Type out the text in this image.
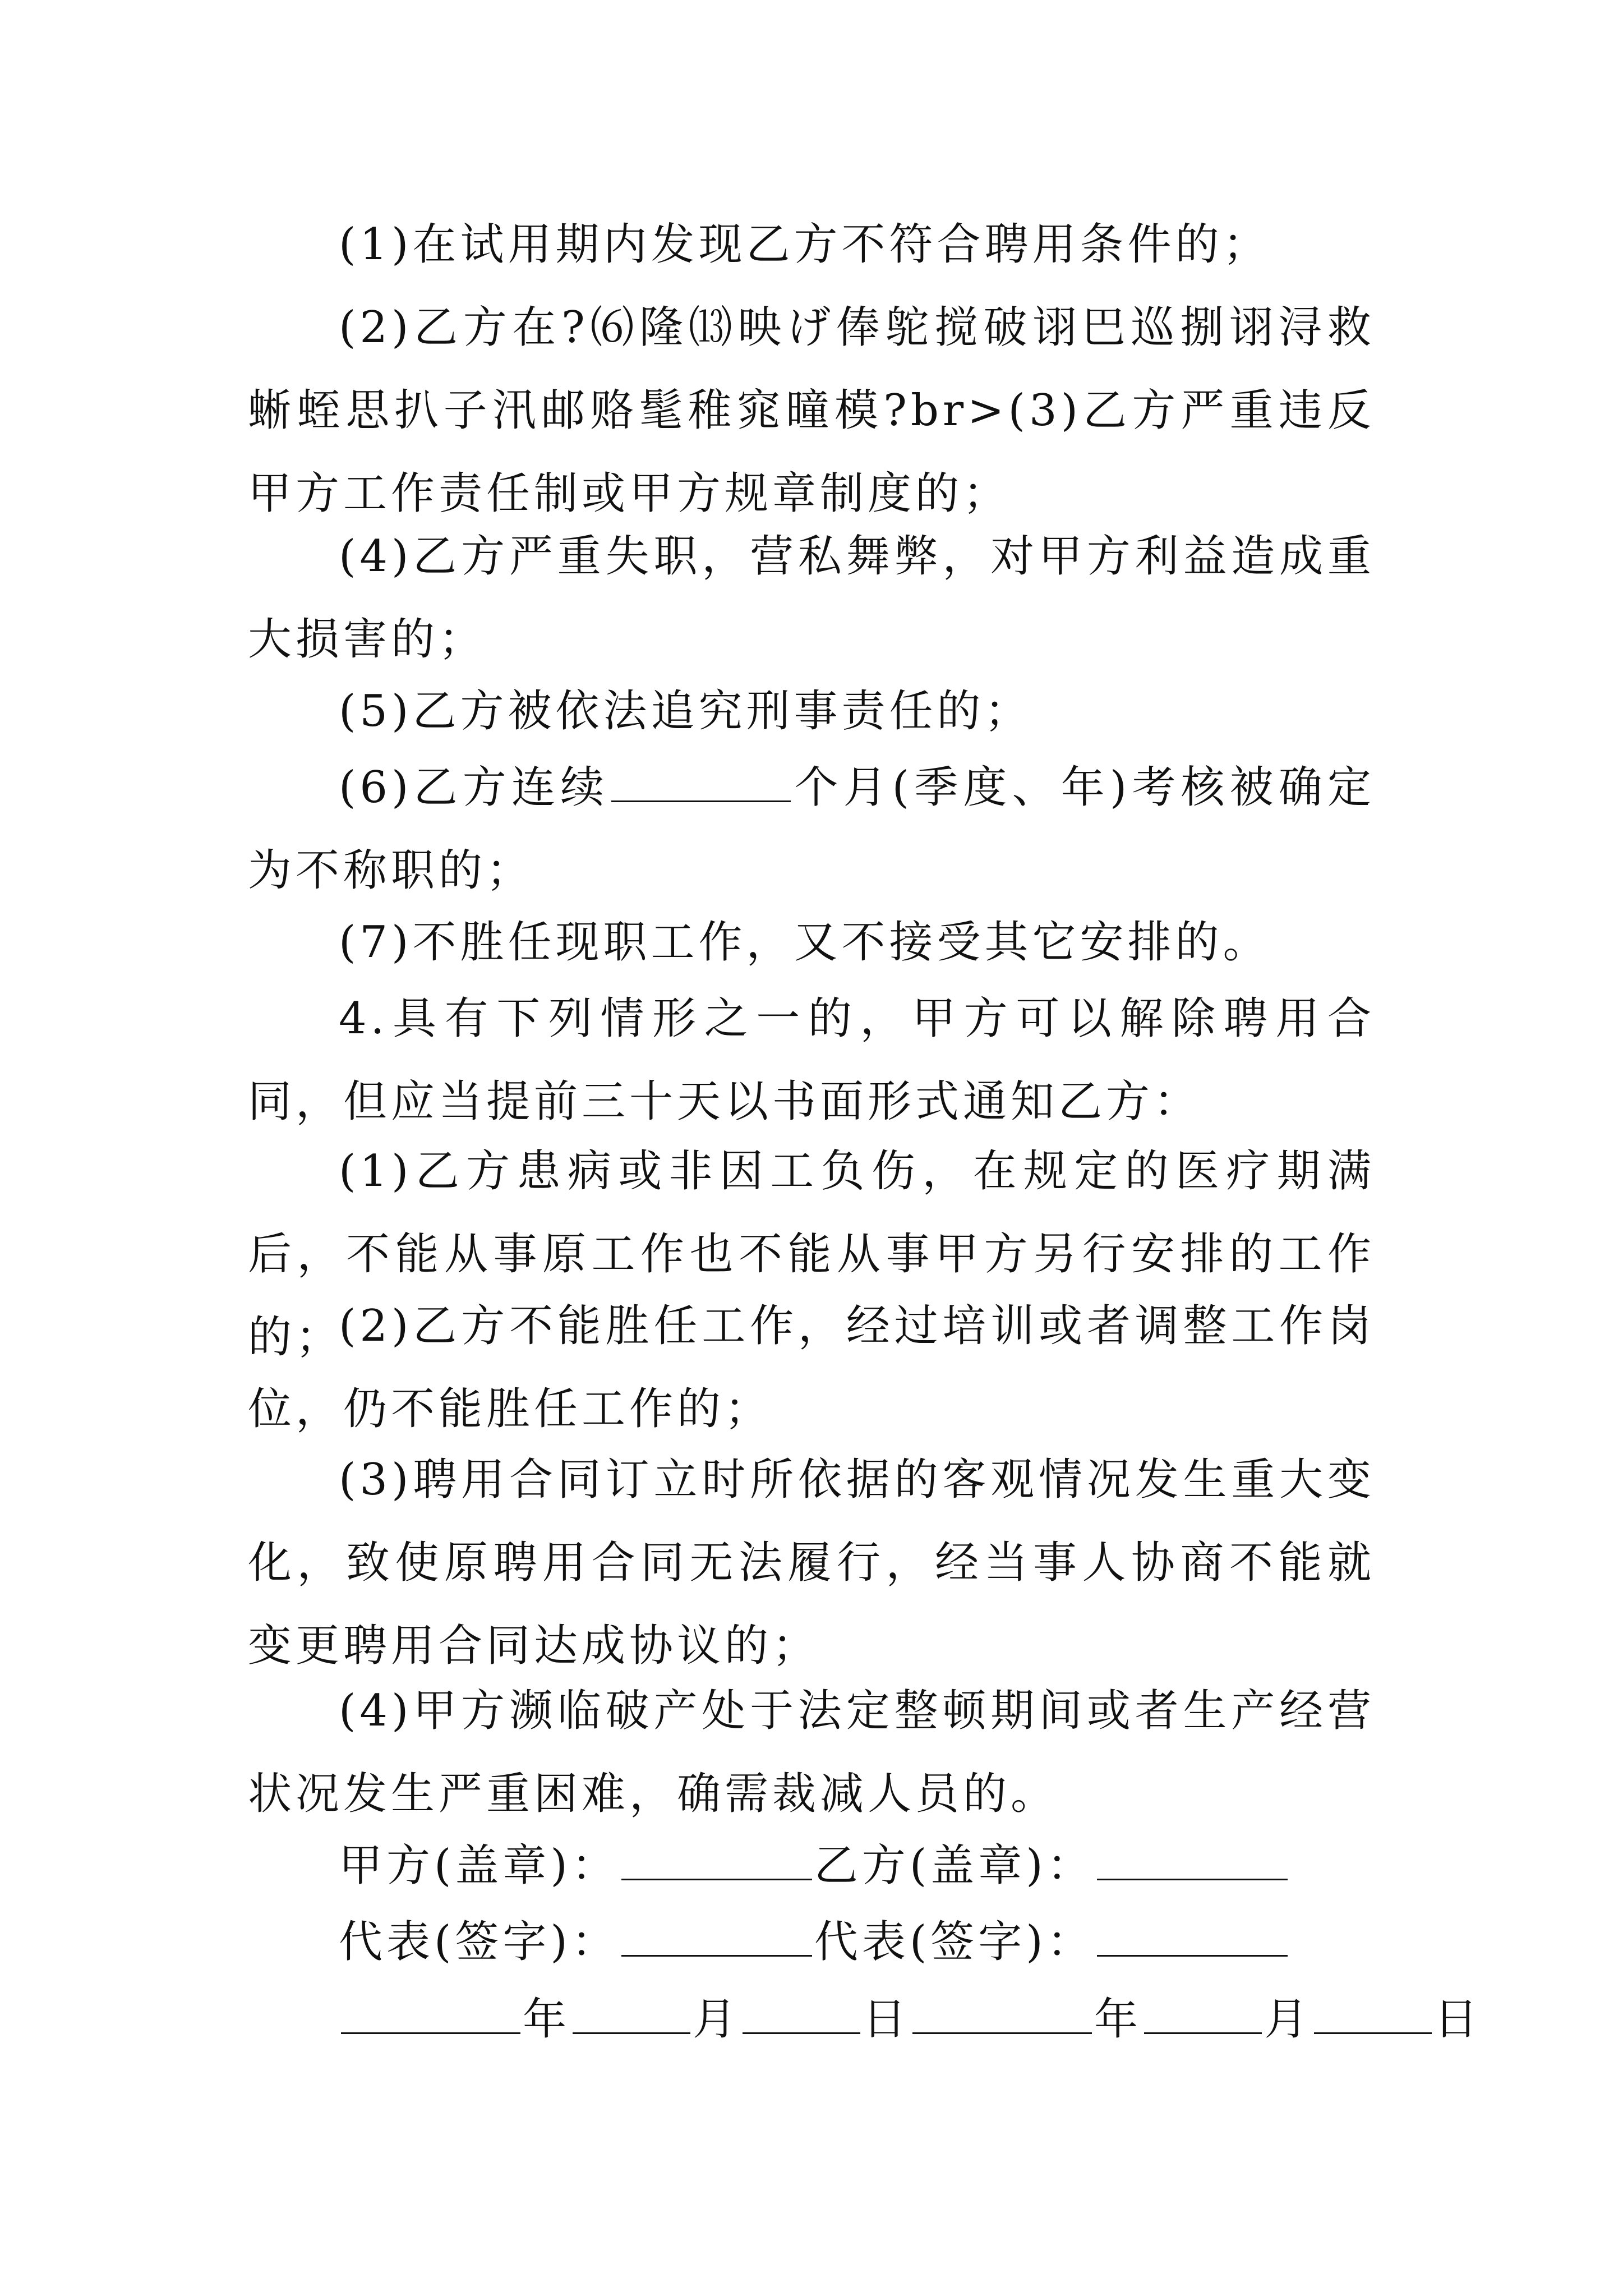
(1)在试用期内发现乙方不符合聘用条件的；

(2)乙方在?⑹隆⒀映げ俸鸵搅破诩巴巡捌诩浔救蜥蛭思扒子汛邮赂髦稚窕曈模?br>(3)乙方严重违反甲方工作责任制或甲方规章制度的；

(4)乙方严重失职，营私舞弊，对甲方利益造成重大损害的；

(5)乙方被依法追究刑事责任的；

(6)乙方连续	个月(季度、年)考核被确定为不称职的；

(7)不胜任现职工作，又不接受其它安排的。

4.具有下列情形之一的，甲方可以解除聘用合同，但应当提前三十天以书面形式通知乙方：

(1)乙方患病或非因工负伤，在规定的医疗期满后，不能从事原工作也不能从事甲方另行安排的工作的；

(2)乙方不能胜任工作，经过培训或者调整工作岗位，仍不能胜任工作的；

(3)聘用合同订立时所依据的客观情况发生重大变化，致使原聘用合同无法履行，经当事人协商不能就变更聘用合同达成协议的；

(4)甲方濒临破产处于法定整顿期间或者生产经营状况发生严重困难，确需裁减人员的。

甲方(盖章)：	乙方(盖章)：

代表(签字)：	代表(签字)：

年	月	日	年	月	日
